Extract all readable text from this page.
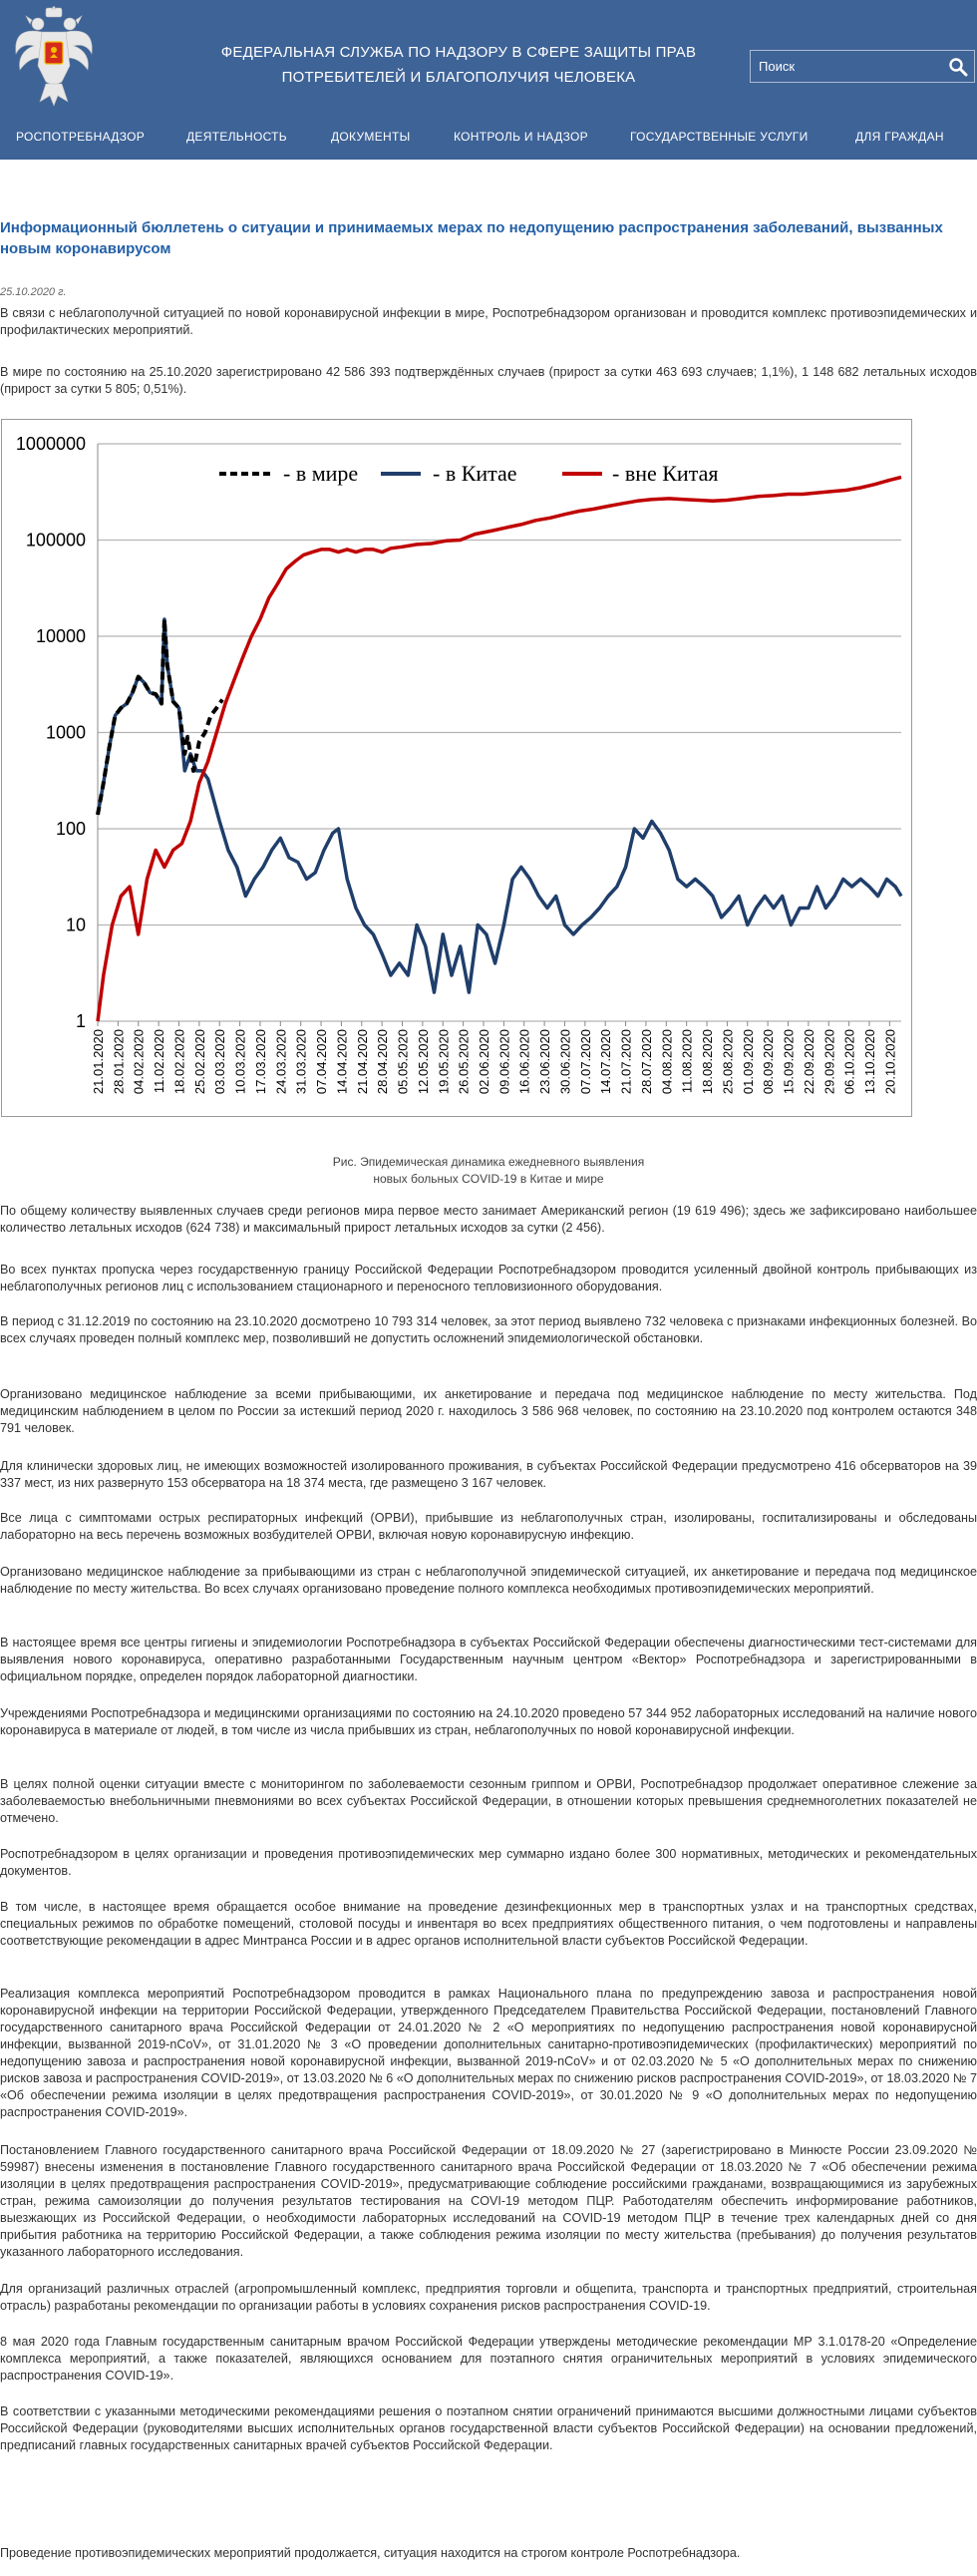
ФЕДЕРАЛЬНАЯ СЛУЖБА ПО НАДЗОРУ В СФЕРЕ ЗАЩИТЫ ПРАВ
ПОТРЕБИТЕЛЕЙ И БЛАГОПОЛУЧИЯ ЧЕЛОВЕКА
Поиск
РОСПОТРЕБНАДЗОР	ДЕЯТЕЛЬНОСТЬ	ДОКУМЕНТЫ	КОНТРОЛЬ И НАДЗОР	ГОСУДАРСТВЕННЫЕ УСЛУГИ	ДЛЯ ГРАЖДАН
Информационный бюллетень о ситуации и принимаемых мерах по недопущению распространения заболеваний, вызванных новым коронавирусом
25.10.2020 г.
В связи с неблагополучной ситуацией по новой коронавирусной инфекции в мире, Роспотребнадзором организован и проводится комплекс противоэпидемических и профилактических мероприятий.
В мире по состоянию на 25.10.2020 зарегистрировано 42 586 393 подтверждённых случаев (прирост за сутки 463 693 случаев; 1,1%), 1 148 682 летальных исходов (прирост за сутки 5 805; 0,51%).
1000000
100000
10000
1000
100
10
1
21.01.2020 28.01.2020 04.02.2020 11.02.2020 18.02.2020 25.02.2020 03.03.2020 10.03.2020 17.03.2020 24.03.2020 31.03.2020 07.04.2020 14.04.2020 21.04.2020 28.04.2020 05.05.2020 12.05.2020 19.05.2020 26.05.2020 02.06.2020 09.06.2020 16.06.2020 23.06.2020 30.06.2020 07.07.2020 14.07.2020 21.07.2020 28.07.2020 04.08.2020 11.08.2020 18.08.2020 25.08.2020 01.09.2020 08.09.2020 15.09.2020 22.09.2020 29.09.2020 06.10.2020 13.10.2020 20.10.2020
- в мире	- в Китае	- вне Китая
Рис. Эпидемическая динамика ежедневного выявления
новых больных COVID-19 в Китае и мире
По общему количеству выявленных случаев среди регионов мира первое место занимает Американский регион (19 619 496); здесь же зафиксировано наибольшее количество летальных исходов (624 738) и максимальный прирост летальных исходов за сутки (2 456).
Во всех пунктах пропуска через государственную границу Российской Федерации Роспотребнадзором проводится усиленный двойной контроль прибывающих из неблагополучных регионов лиц с использованием стационарного и переносного тепловизионного оборудования.
В период с 31.12.2019 по состоянию на 23.10.2020 досмотрено 10 793 314 человек, за этот период выявлено 732 человека с признаками инфекционных болезней. Во всех случаях проведен полный комплекс мер, позволивший не допустить осложнений эпидемиологической обстановки.
Организовано медицинское наблюдение за всеми прибывающими, их анкетирование и передача под медицинское наблюдение по месту жительства. Под медицинским наблюдением в целом по России за истекший период 2020 г. находилось 3 586 968 человек, по состоянию на 23.10.2020 под контролем остаются 348 791 человек.
Для клинически здоровых лиц, не имеющих возможностей изолированного проживания, в субъектах Российской Федерации предусмотрено 416 обсерваторов на 39 337 мест, из них развернуто 153 обсерватора на 18 374 места, где размещено 3 167 человек.
Все лица с симптомами острых респираторных инфекций (ОРВИ), прибывшие из неблагополучных стран, изолированы, госпитализированы и обследованы лабораторно на весь перечень возможных возбудителей ОРВИ, включая новую коронавирусную инфекцию.
Организовано медицинское наблюдение за прибывающими из стран с неблагополучной эпидемической ситуацией, их анкетирование и передача под медицинское наблюдение по месту жительства. Во всех случаях организовано проведение полного комплекса необходимых противоэпидемических мероприятий.
В настоящее время все центры гигиены и эпидемиологии Роспотребнадзора в субъектах Российской Федерации обеспечены диагностическими тест-системами для выявления нового коронавируса, оперативно разработанными Государственным научным центром «Вектор» Роспотребнадзора и зарегистрированными в официальном порядке, определен порядок лабораторной диагностики.
Учреждениями Роспотребнадзора и медицинскими организациями по состоянию на 24.10.2020 проведено 57 344 952 лабораторных исследований на наличие нового коронавируса в материале от людей, в том числе из числа прибывших из стран, неблагополучных по новой коронавирусной инфекции.
В целях полной оценки ситуации вместе с мониторингом по заболеваемости сезонным гриппом и ОРВИ, Роспотребнадзор продолжает оперативное слежение за заболеваемостью внебольничными пневмониями во всех субъектах Российской Федерации, в отношении которых превышения среднемноголетних показателей не отмечено.
Роспотребнадзором в целях организации и проведения противоэпидемических мер суммарно издано более 300 нормативных, методических и рекомендательных документов.
В том числе, в настоящее время обращается особое внимание на проведение дезинфекционных мер в транспортных узлах и на транспортных средствах, специальных режимов по обработке помещений, столовой посуды и инвентаря во всех предприятиях общественного питания, о чем подготовлены и направлены соответствующие рекомендации в адрес Минтранса России и в адрес органов исполнительной власти субъектов Российской Федерации.
Реализация комплекса мероприятий Роспотребнадзором проводится в рамках Национального плана по предупреждению завоза и распространения новой коронавирусной инфекции на территории Российской Федерации, утвержденного Председателем Правительства Российской Федерации, постановлений Главного государственного санитарного врача Российской Федерации от 24.01.2020 № 2 «О мероприятиях по недопущению распространения новой коронавирусной инфекции, вызванной 2019-nCoV», от 31.01.2020 № 3 «О проведении дополнительных санитарно-противоэпидемических (профилактических) мероприятий по недопущению завоза и распространения новой коронавирусной инфекции, вызванной 2019-nCoV» и от 02.03.2020 № 5 «О дополнительных мерах по снижению рисков завоза и распространения COVID-2019», от 13.03.2020 № 6 «О дополнительных мерах по снижению рисков распространения COVID-2019», от 18.03.2020 № 7 «Об обеспечении режима изоляции в целях предотвращения распространения COVID-2019», от 30.01.2020 № 9 «О дополнительных мерах по недопущению распространения COVID-2019».
Постановлением Главного государственного санитарного врача Российской Федерации от 18.09.2020 № 27 (зарегистрировано в Минюсте России 23.09.2020 № 59987) внесены изменения в постановление Главного государственного санитарного врача Российской Федерации от 18.03.2020 № 7 «Об обеспечении режима изоляции в целях предотвращения распространения COVID-2019», предусматривающие соблюдение российскими гражданами, возвращающимися из зарубежных стран, режима самоизоляции до получения результатов тестирования на COVI-19 методом ПЦР. Работодателям обеспечить информирование работников, выезжающих из Российской Федерации, о необходимости лабораторных исследований на COVID-19 методом ПЦР в течение трех календарных дней со дня прибытия работника на территорию Российской Федерации, а также соблюдения режима изоляции по месту жительства (пребывания) до получения результатов указанного лабораторного исследования.
Для организаций различных отраслей (агропромышленный комплекс, предприятия торговли и общепита, транспорта и транспортных предприятий, строительная отрасль) разработаны рекомендации по организации работы в условиях сохранения рисков распространения COVID-19.
8 мая 2020 года Главным государственным санитарным врачом Российской Федерации утверждены методические рекомендации МР 3.1.0178-20 «Определение комплекса мероприятий, а также показателей, являющихся основанием для поэтапного снятия ограничительных мероприятий в условиях эпидемического распространения COVID-19».
В соответствии с указанными методическими рекомендациями решения о поэтапном снятии ограничений принимаются высшими должностными лицами субъектов Российской Федерации (руководителями высших исполнительных органов государственной власти субъектов Российской Федерации) на основании предложений, предписаний главных государственных санитарных врачей субъектов Российской Федерации.
Проведение противоэпидемических мероприятий продолжается, ситуация находится на строгом контроле Роспотребнадзора.
